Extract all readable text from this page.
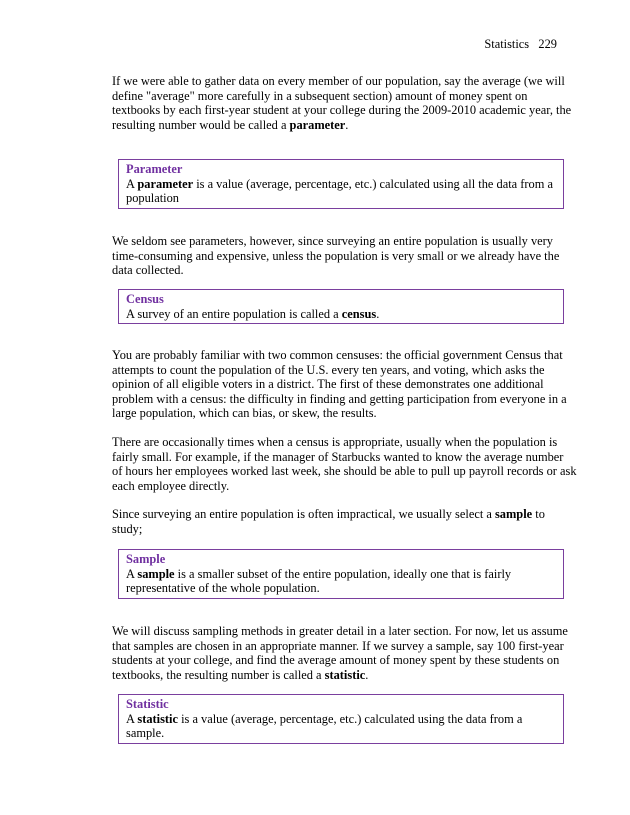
Statistics 229
If we were able to gather data on every member of our population, say the average (we will
define "average" more carefully in a subsequent section) amount of money spent on
textbooks by each first-year student at your college during the 2009-2010 academic year, the
resulting number would be called a parameter.
Parameter
A parameter is a value (average, percentage, etc.) calculated using all the data from a
population
We seldom see parameters, however, since surveying an entire population is usually very
time-consuming and expensive, unless the population is very small or we already have the
data collected.
Census
A survey of an entire population is called a census.
You are probably familiar with two common censuses: the official government Census that
attempts to count the population of the U.S. every ten years, and voting, which asks the
opinion of all eligible voters in a district. The first of these demonstrates one additional
problem with a census: the difficulty in finding and getting participation from everyone in a
large population, which can bias, or skew, the results.
There are occasionally times when a census is appropriate, usually when the population is
fairly small. For example, if the manager of Starbucks wanted to know the average number
of hours her employees worked last week, she should be able to pull up payroll records or ask
each employee directly.
Since surveying an entire population is often impractical, we usually select a sample to
study;
Sample
A sample is a smaller subset of the entire population, ideally one that is fairly
representative of the whole population.
We will discuss sampling methods in greater detail in a later section. For now, let us assume
that samples are chosen in an appropriate manner. If we survey a sample, say 100 first-year
students at your college, and find the average amount of money spent by these students on
textbooks, the resulting number is called a statistic.
Statistic
A statistic is a value (average, percentage, etc.) calculated using the data from a
sample.
